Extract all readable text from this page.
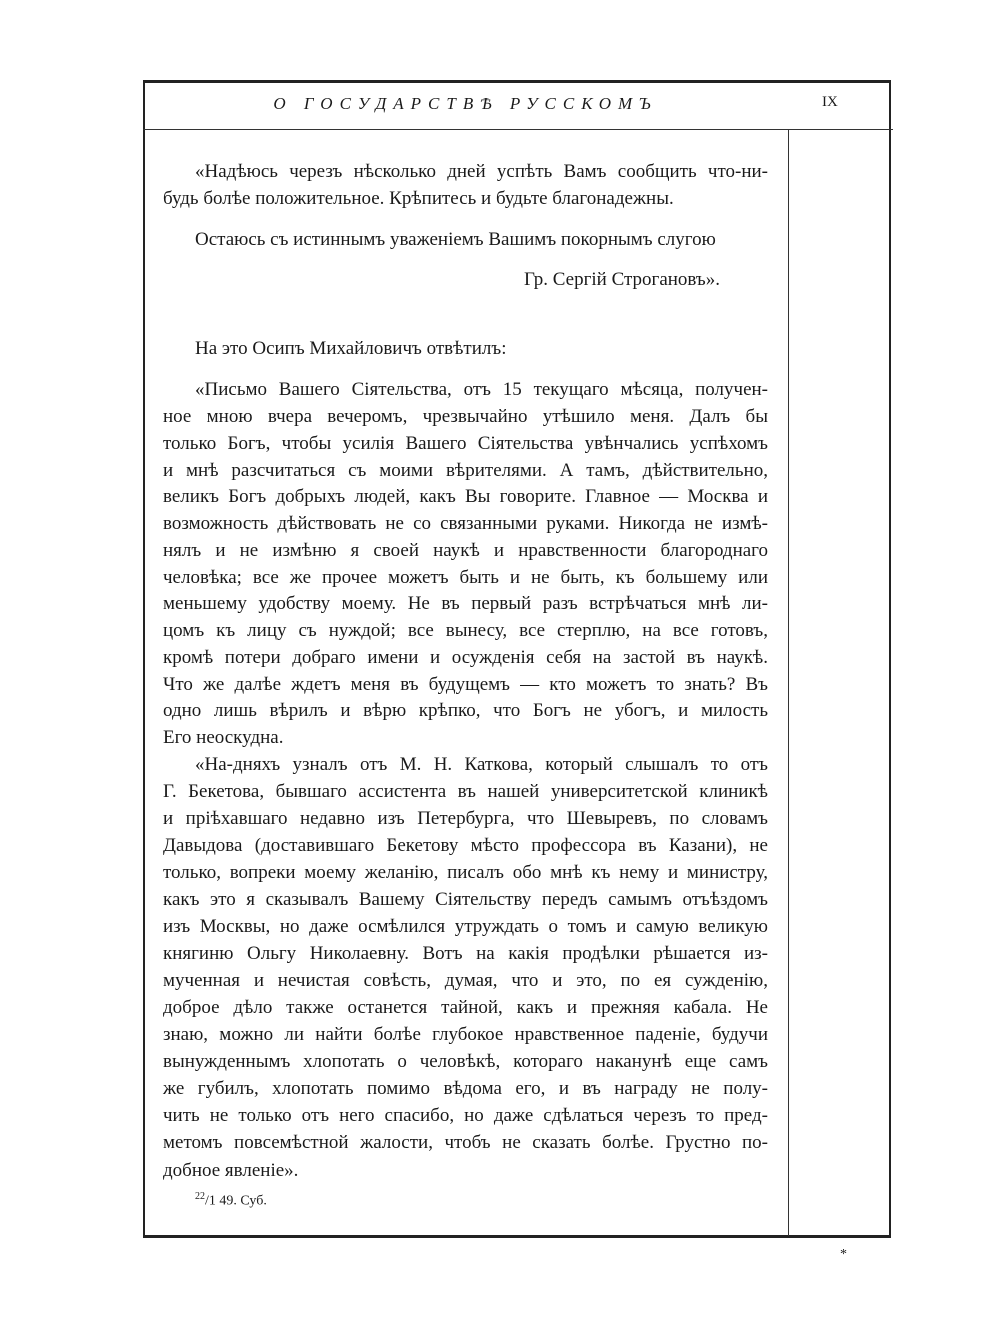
О ГОСУДАРСТВѢ РУССКОМЪ	IX
«Надѣюсь черезъ нѣсколько дней успѣть Вамъ сообщить что-ни-
будь болѣе положительное. Крѣпитесь и будьте благонадежны.
Остаюсь съ истиннымъ уваженіемъ Вашимъ покорнымъ слугою
Гр. Сергій Строгановъ».
На это Осипъ Михайловичъ отвѣтилъ:
«Письмо Вашего Сіятельства, отъ 15 текущаго мѣсяца, получен-
ное мною вчера вечеромъ, чрезвычайно утѣшило меня. Далъ бы
только Богъ, чтобы усилія Вашего Сіятельства увѣнчались успѣхомъ
и мнѣ разсчитаться съ моими вѣрителями. А тамъ, дѣйствительно,
великъ Богъ добрыхъ людей, какъ Вы говорите. Главное — Москва и
возможность дѣйствовать не со связанными руками. Никогда не измѣ-
нялъ и не измѣню я своей наукѣ и нравственности благороднаго
человѣка; все же прочее можетъ быть и не быть, къ большему или
меньшему удобству моему. Не въ первый разъ встрѣчаться мнѣ ли-
цомъ къ лицу съ нуждой; все вынесу, все стерплю, на все готовъ,
кромѣ потери добраго имени и осужденія себя на застой въ наукѣ.
Что же далѣе ждетъ меня въ будущемъ — кто можетъ то знать? Въ
одно лишь вѣрилъ и вѣрю крѣпко, что Богъ не убогъ, и милость
Его неоскудна.
«На-дняхъ узналъ отъ М. Н. Каткова, который слышалъ то отъ
Г. Бекетова, бывшаго ассистента въ нашей университетской клиникѣ
и пріѣхавшаго недавно изъ Петербурга, что Шевыревъ, по словамъ
Давыдова (доставившаго Бекетову мѣсто профессора въ Казани), не
только, вопреки моему желанію, писалъ обо мнѣ къ нему и министру,
какъ это я сказывалъ Вашему Сіятельству передъ самымъ отъѣздомъ
изъ Москвы, но даже осмѣлился утруждать о томъ и самую великую
княгиню Ольгу Николаевну. Вотъ на какія продѣлки рѣшается из-
мученная и нечистая совѣсть, думая, что и это, по ея сужденію,
доброе дѣло также останется тайной, какъ и прежняя кабала. Не
знаю, можно ли найти болѣе глубокое нравственное паденіе, будучи
вынужденнымъ хлопотать о человѣкѣ, котораго наканунѣ еще самъ
же губилъ, хлопотать помимо вѣдома его, и въ награду не полу-
чить не только отъ него спасибо, но даже сдѣлаться черезъ то пред-
метомъ повсемѣстной жалости, чтобъ не сказать болѣе. Грустно по-
добное явленіе».
$^{22}$/1 49. Суб.
*
